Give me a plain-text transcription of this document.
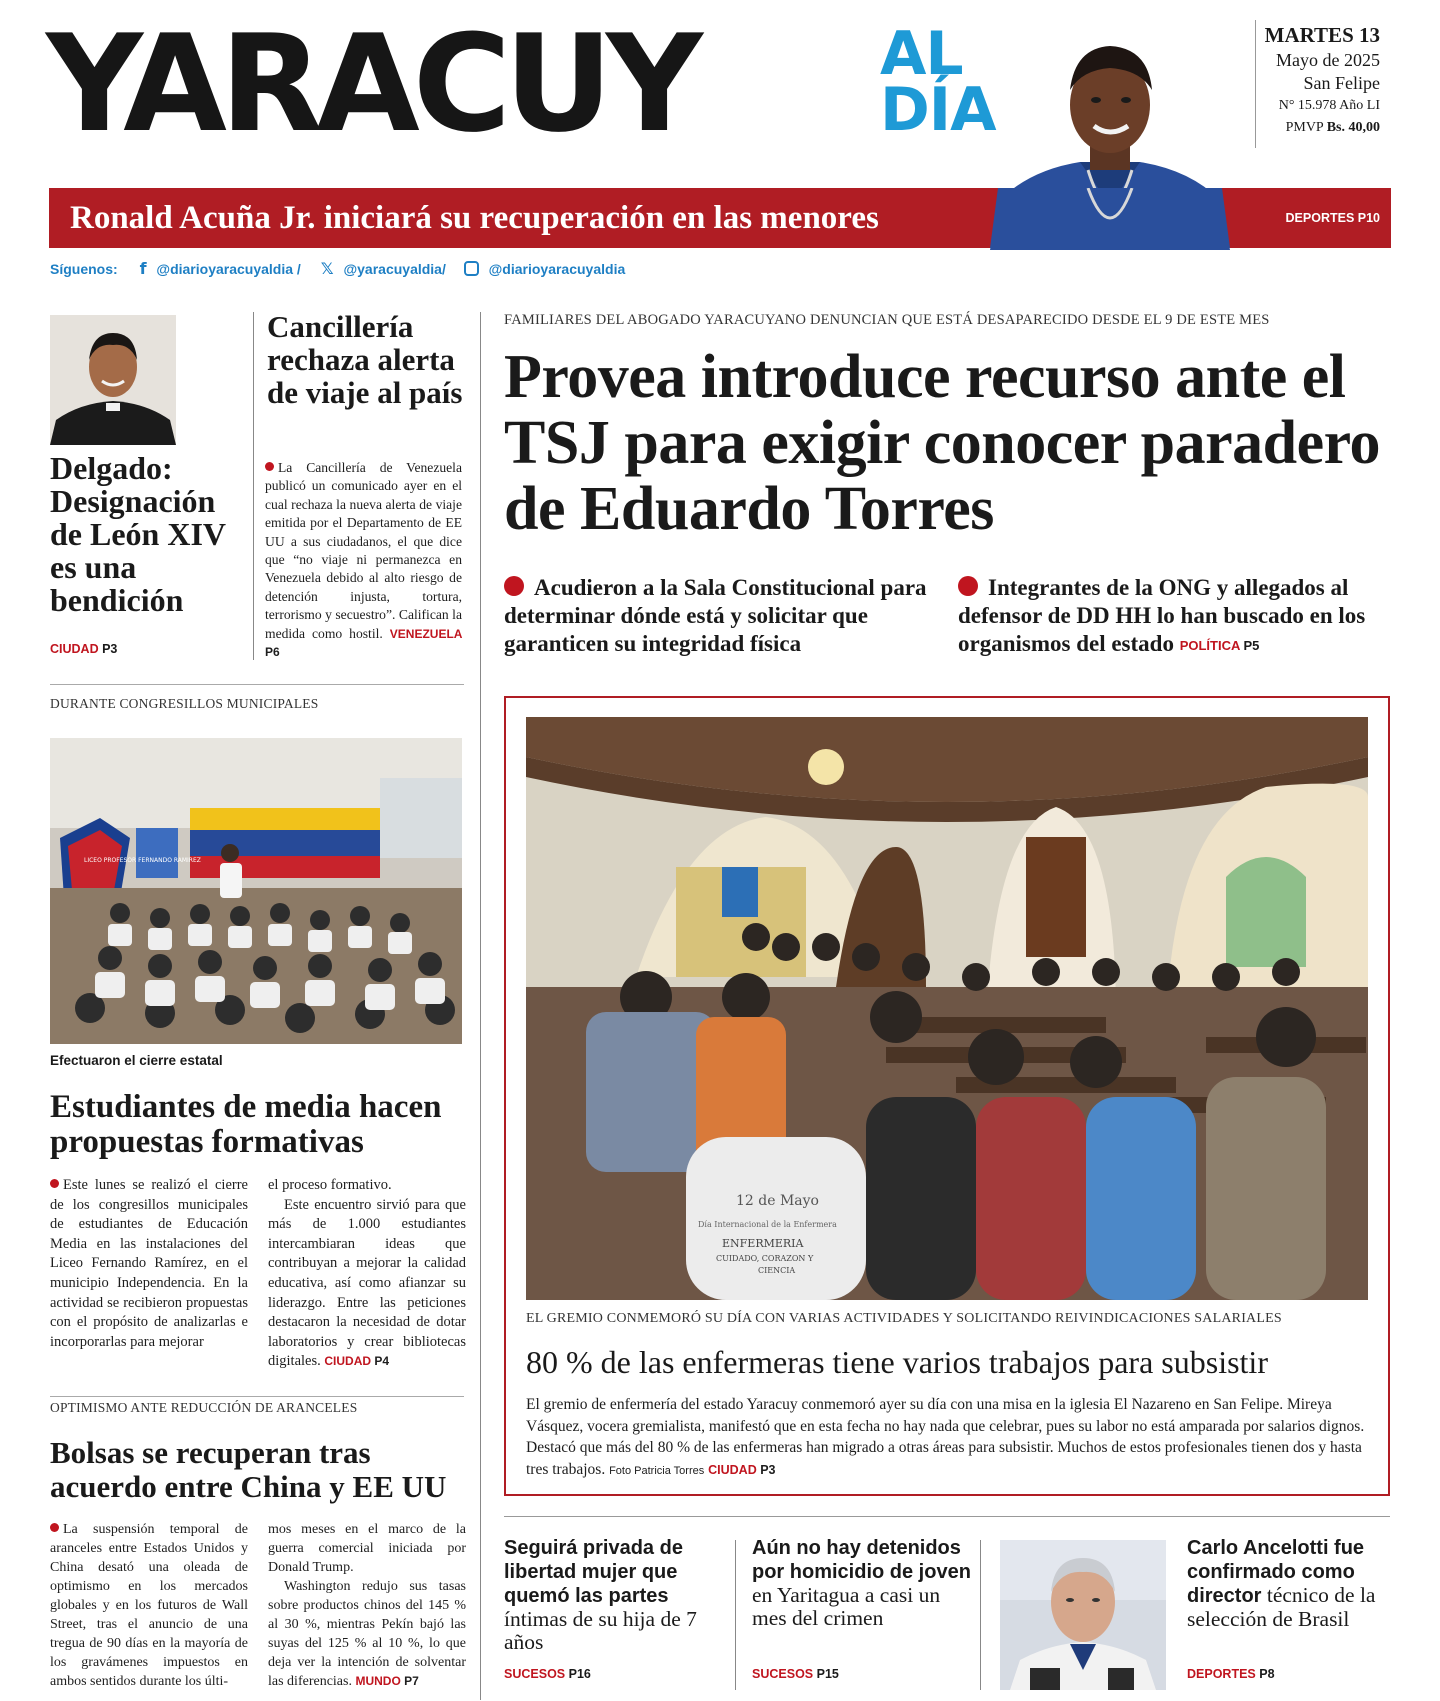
YARACUY	AL
DÍA
MARTES 13
Mayo de 2025
San Felipe
N° 15.978 Año LI
PMVP Bs. 40,00
Ronald Acuña Jr. iniciará su recuperación en las menores	DEPORTES P10
Síguenos: f @diarioyaracuyaldia / 𝕏 @yaracuyaldia/	@diarioyaracuyaldia
Delgado: Designación de León XIV es una bendición
CIUDAD P3
Cancillería rechaza alerta de viaje al país
La Cancillería de Venezuela publicó un comunicado ayer en el cual rechaza la nueva alerta de viaje emitida por el Departamento de EE UU a sus ciudadanos, el que dice que “no viaje ni permanezca en Venezuela debido al alto riesgo de detención injusta, tortura, terrorismo y secuestro”. Califican la medida como hostil. VENEZUELA P6
FAMILIARES DEL ABOGADO YARACUYANO DENUNCIAN QUE ESTÁ DESAPARECIDO DESDE EL 9 DE ESTE MES
Provea introduce recurso ante el TSJ para exigir conocer paradero de Eduardo Torres
Acudieron a la Sala Constitucional para determinar dónde está y solicitar que garanticen su integridad física
Integrantes de la ONG y allegados al defensor de DD HH lo han buscado en los organismos del estado POLÍTICA P5
DURANTE CONGRESILLOS MUNICIPALES
LICEO PROFESOR FERNANDO RAMIREZ
Efectuaron el cierre estatal
Estudiantes de media hacen propuestas formativas
Este lunes se realizó el cierre de los congresillos municipales de estudiantes de Educación Media en las instalaciones del Liceo Fernando Ramírez, en el municipio Independencia. En la actividad se recibieron propuestas con el propósito de analizarlas e incorporarlas para mejorar
el proceso formativo.
Este encuentro sirvió para que más de 1.000 estudiantes intercambiaran ideas que contribuyan a mejorar la calidad educativa, así como afianzar su liderazgo. Entre las peticiones destacaron la necesidad de dotar laboratorios y crear bibliotecas digitales. CIUDAD P4
OPTIMISMO ANTE REDUCCIÓN DE ARANCELES
Bolsas se recuperan tras acuerdo entre China y EE UU
La suspensión temporal de aranceles entre Estados Unidos y China desató una oleada de optimismo en los mercados globales y en los futuros de Wall Street, tras el anuncio de una tregua de 90 días en la mayoría de los gravámenes impuestos en ambos sentidos durante los últi-
mos meses en el marco de la guerra comercial iniciada por Donald Trump.
Washington redujo sus tasas sobre productos chinos del 145 % al 30 %, mientras Pekín bajó las suyas del 125 % al 10 %, lo que deja ver la intención de solventar las diferencias. MUNDO P7
12 de Mayo
Día Internacional de la Enfermera
ENFERMERIA
CUIDADO, CORAZON Y
CIENCIA
EL GREMIO CONMEMORÓ SU DÍA CON VARIAS ACTIVIDADES Y SOLICITANDO REIVINDICACIONES SALARIALES
80 % de las enfermeras tiene varios trabajos para subsistir
El gremio de enfermería del estado Yaracuy conmemoró ayer su día con una misa en la iglesia El Nazareno en San Felipe. Mireya Vásquez, vocera gremialista, manifestó que en esta fecha no hay nada que celebrar, pues su labor no está amparada por salarios dignos. Destacó que más del 80 % de las enfermeras han migrado a otras áreas para subsistir. Muchos de estos profesionales tienen dos y hasta tres trabajos. Foto Patricia Torres CIUDAD P3
Seguirá privada de libertad mujer que quemó las partes íntimas de su hija de 7 años
SUCESOS P16
Aún no hay detenidos por homicidio de joven en Yaritagua a casi un mes del crimen
SUCESOS P15
Carlo Ancelotti fue confirmado como director técnico de la selección de Brasil
DEPORTES P8
